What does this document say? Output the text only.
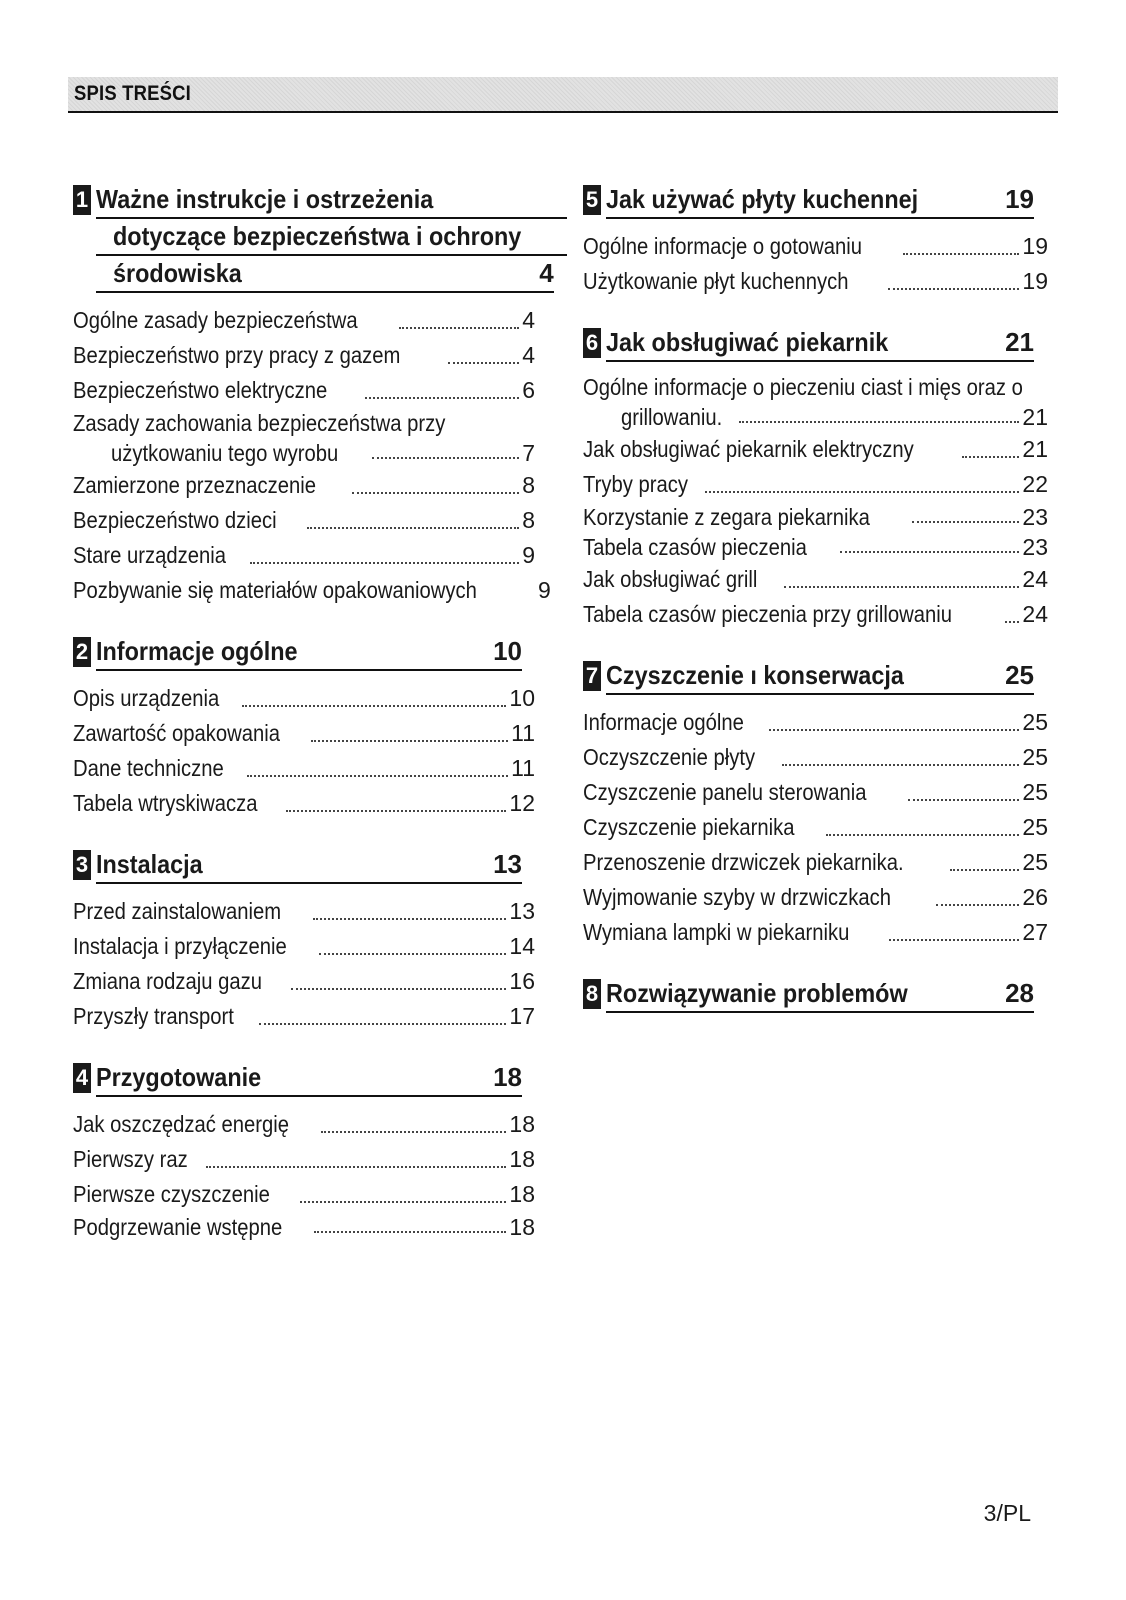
SPIS TREŚCI
1 Ważne instrukcje i ostrzeżenia
dotyczące bezpieczeństwa i ochrony
środowiska	4
Ogólne zasady bezpieczeństwa	4
Bezpieczeństwo przy pracy z gazem	4
Bezpieczeństwo elektryczne	6
Zasady zachowania bezpieczeństwa przy
użytkowaniu tego wyrobu	7
Zamierzone przeznaczenie	8
Bezpieczeństwo dzieci	8
Stare urządzenia	9
Pozbywanie się materiałów opakowaniowych	9
2 Informacje ogólne	10
Opis urządzenia	10
Zawartość opakowania	11
Dane techniczne	11
Tabela wtryskiwacza	12
3 Instalacja	13
Przed zainstalowaniem	13
Instalacja i przyłączenie	14
Zmiana rodzaju gazu	16
Przyszły transport	17
4 Przygotowanie	18
Jak oszczędzać energię	18
Pierwszy raz	18
Pierwsze czyszczenie	18
Podgrzewanie wstępne	18
5 Jak używać płyty kuchennej	19
Ogólne informacje o gotowaniu	19
Użytkowanie płyt kuchennych	19
6 Jak obsługiwać piekarnik	21
Ogólne informacje o pieczeniu ciast i mięs oraz o
grillowaniu.	21
Jak obsługiwać piekarnik elektryczny	21
Tryby pracy	22
Korzystanie z zegara piekarnika	23
Tabela czasów pieczenia	23
Jak obsługiwać grill	24
Tabela czasów pieczenia przy grillowaniu	24
7 Czyszczenie ı konserwacja	25
Informacje ogólne	25
Oczyszczenie płyty	25
Czyszczenie panelu sterowania	25
Czyszczenie piekarnika	25
Przenoszenie drzwiczek piekarnika.	25
Wyjmowanie szyby w drzwiczkach	26
Wymiana lampki w piekarniku	27
8 Rozwiązywanie problemów	28
3/PL
